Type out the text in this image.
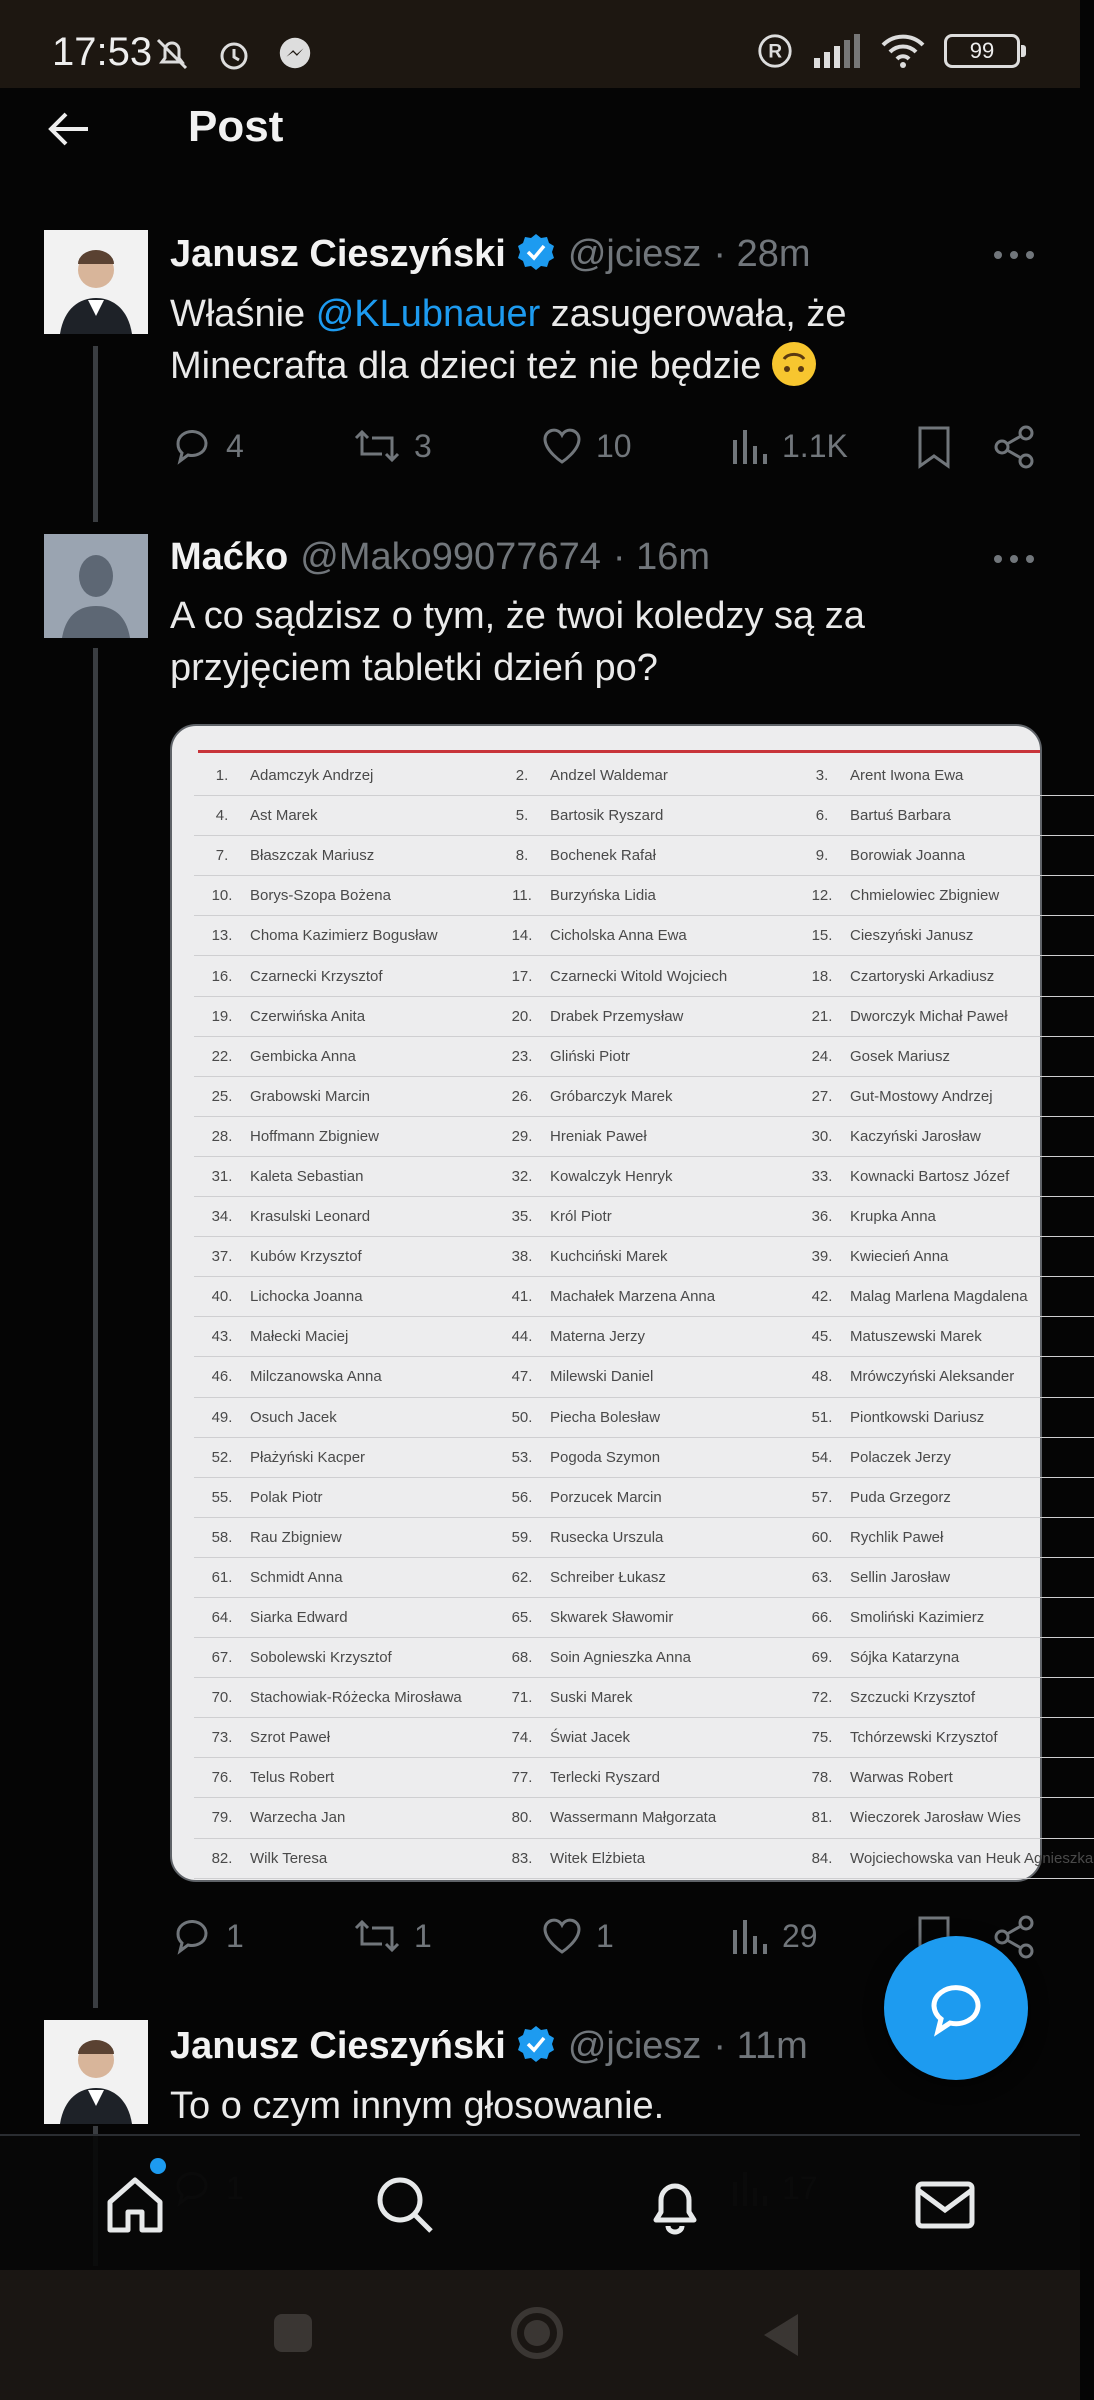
17:53	R	99
Post
Janusz Cieszyński @jciesz · 28m
Właśnie @KLubnauer zasugerowała, że Minecrafta dla dzieci też nie będzie
4	3	10	1.1K
Maćko @Mako99077674 · 16m
A co sądzisz o tym, że twoi koledzy są za przyjęciem tabletki dzień po?
1.	Adamczyk Andrzej	2.	Andzel Waldemar	3.	Arent Iwona Ewa
4.	Ast Marek	5.	Bartosik Ryszard	6.	Bartuś Barbara
7.	Błaszczak Mariusz	8.	Bochenek Rafał	9.	Borowiak Joanna
10.	Borys-Szopa Bożena	11.	Burzyńska Lidia	12.	Chmielowiec Zbigniew
13.	Choma Kazimierz Bogusław	14.	Cicholska Anna Ewa	15.	Cieszyński Janusz
16.	Czarnecki Krzysztof	17.	Czarnecki Witold Wojciech	18.	Czartoryski Arkadiusz
19.	Czerwińska Anita	20.	Drabek Przemysław	21.	Dworczyk Michał Paweł
22.	Gembicka Anna	23.	Gliński Piotr	24.	Gosek Mariusz
25.	Grabowski Marcin	26.	Gróbarczyk Marek	27.	Gut-Mostowy Andrzej
28.	Hoffmann Zbigniew	29.	Hreniak Paweł	30.	Kaczyński Jarosław
31.	Kaleta Sebastian	32.	Kowalczyk Henryk	33.	Kownacki Bartosz Józef
34.	Krasulski Leonard	35.	Król Piotr	36.	Krupka Anna
37.	Kubów Krzysztof	38.	Kuchciński Marek	39.	Kwiecień Anna
40.	Lichocka Joanna	41.	Machałek Marzena Anna	42.	Malag Marlena Magdalena
43.	Małecki Maciej	44.	Materna Jerzy	45.	Matuszewski Marek
46.	Milczanowska Anna	47.	Milewski Daniel	48.	Mrówczyński Aleksander
49.	Osuch Jacek	50.	Piecha Bolesław	51.	Piontkowski Dariusz
52.	Płażyński Kacper	53.	Pogoda Szymon	54.	Polaczek Jerzy
55.	Polak Piotr	56.	Porzucek Marcin	57.	Puda Grzegorz
58.	Rau Zbigniew	59.	Rusecka Urszula	60.	Rychlik Paweł
61.	Schmidt Anna	62.	Schreiber Łukasz	63.	Sellin Jarosław
64.	Siarka Edward	65.	Skwarek Sławomir	66.	Smoliński Kazimierz
67.	Sobolewski Krzysztof	68.	Soin Agnieszka Anna	69.	Sójka Katarzyna
70.	Stachowiak-Różecka Mirosława	71.	Suski Marek	72.	Szczucki Krzysztof
73.	Szrot Paweł	74.	Świat Jacek	75.	Tchórzewski Krzysztof
76.	Telus Robert	77.	Terlecki Ryszard	78.	Warwas Robert
79.	Warzecha Jan	80.	Wassermann Małgorzata	81.	Wieczorek Jarosław Wies
82.	Wilk Teresa	83.	Witek Elżbieta	84.	Wojciechowska van Heuk Agnieszka
1	1	1	29
Janusz Cieszyński @jciesz · 11m
To o czym innym głosowanie.
